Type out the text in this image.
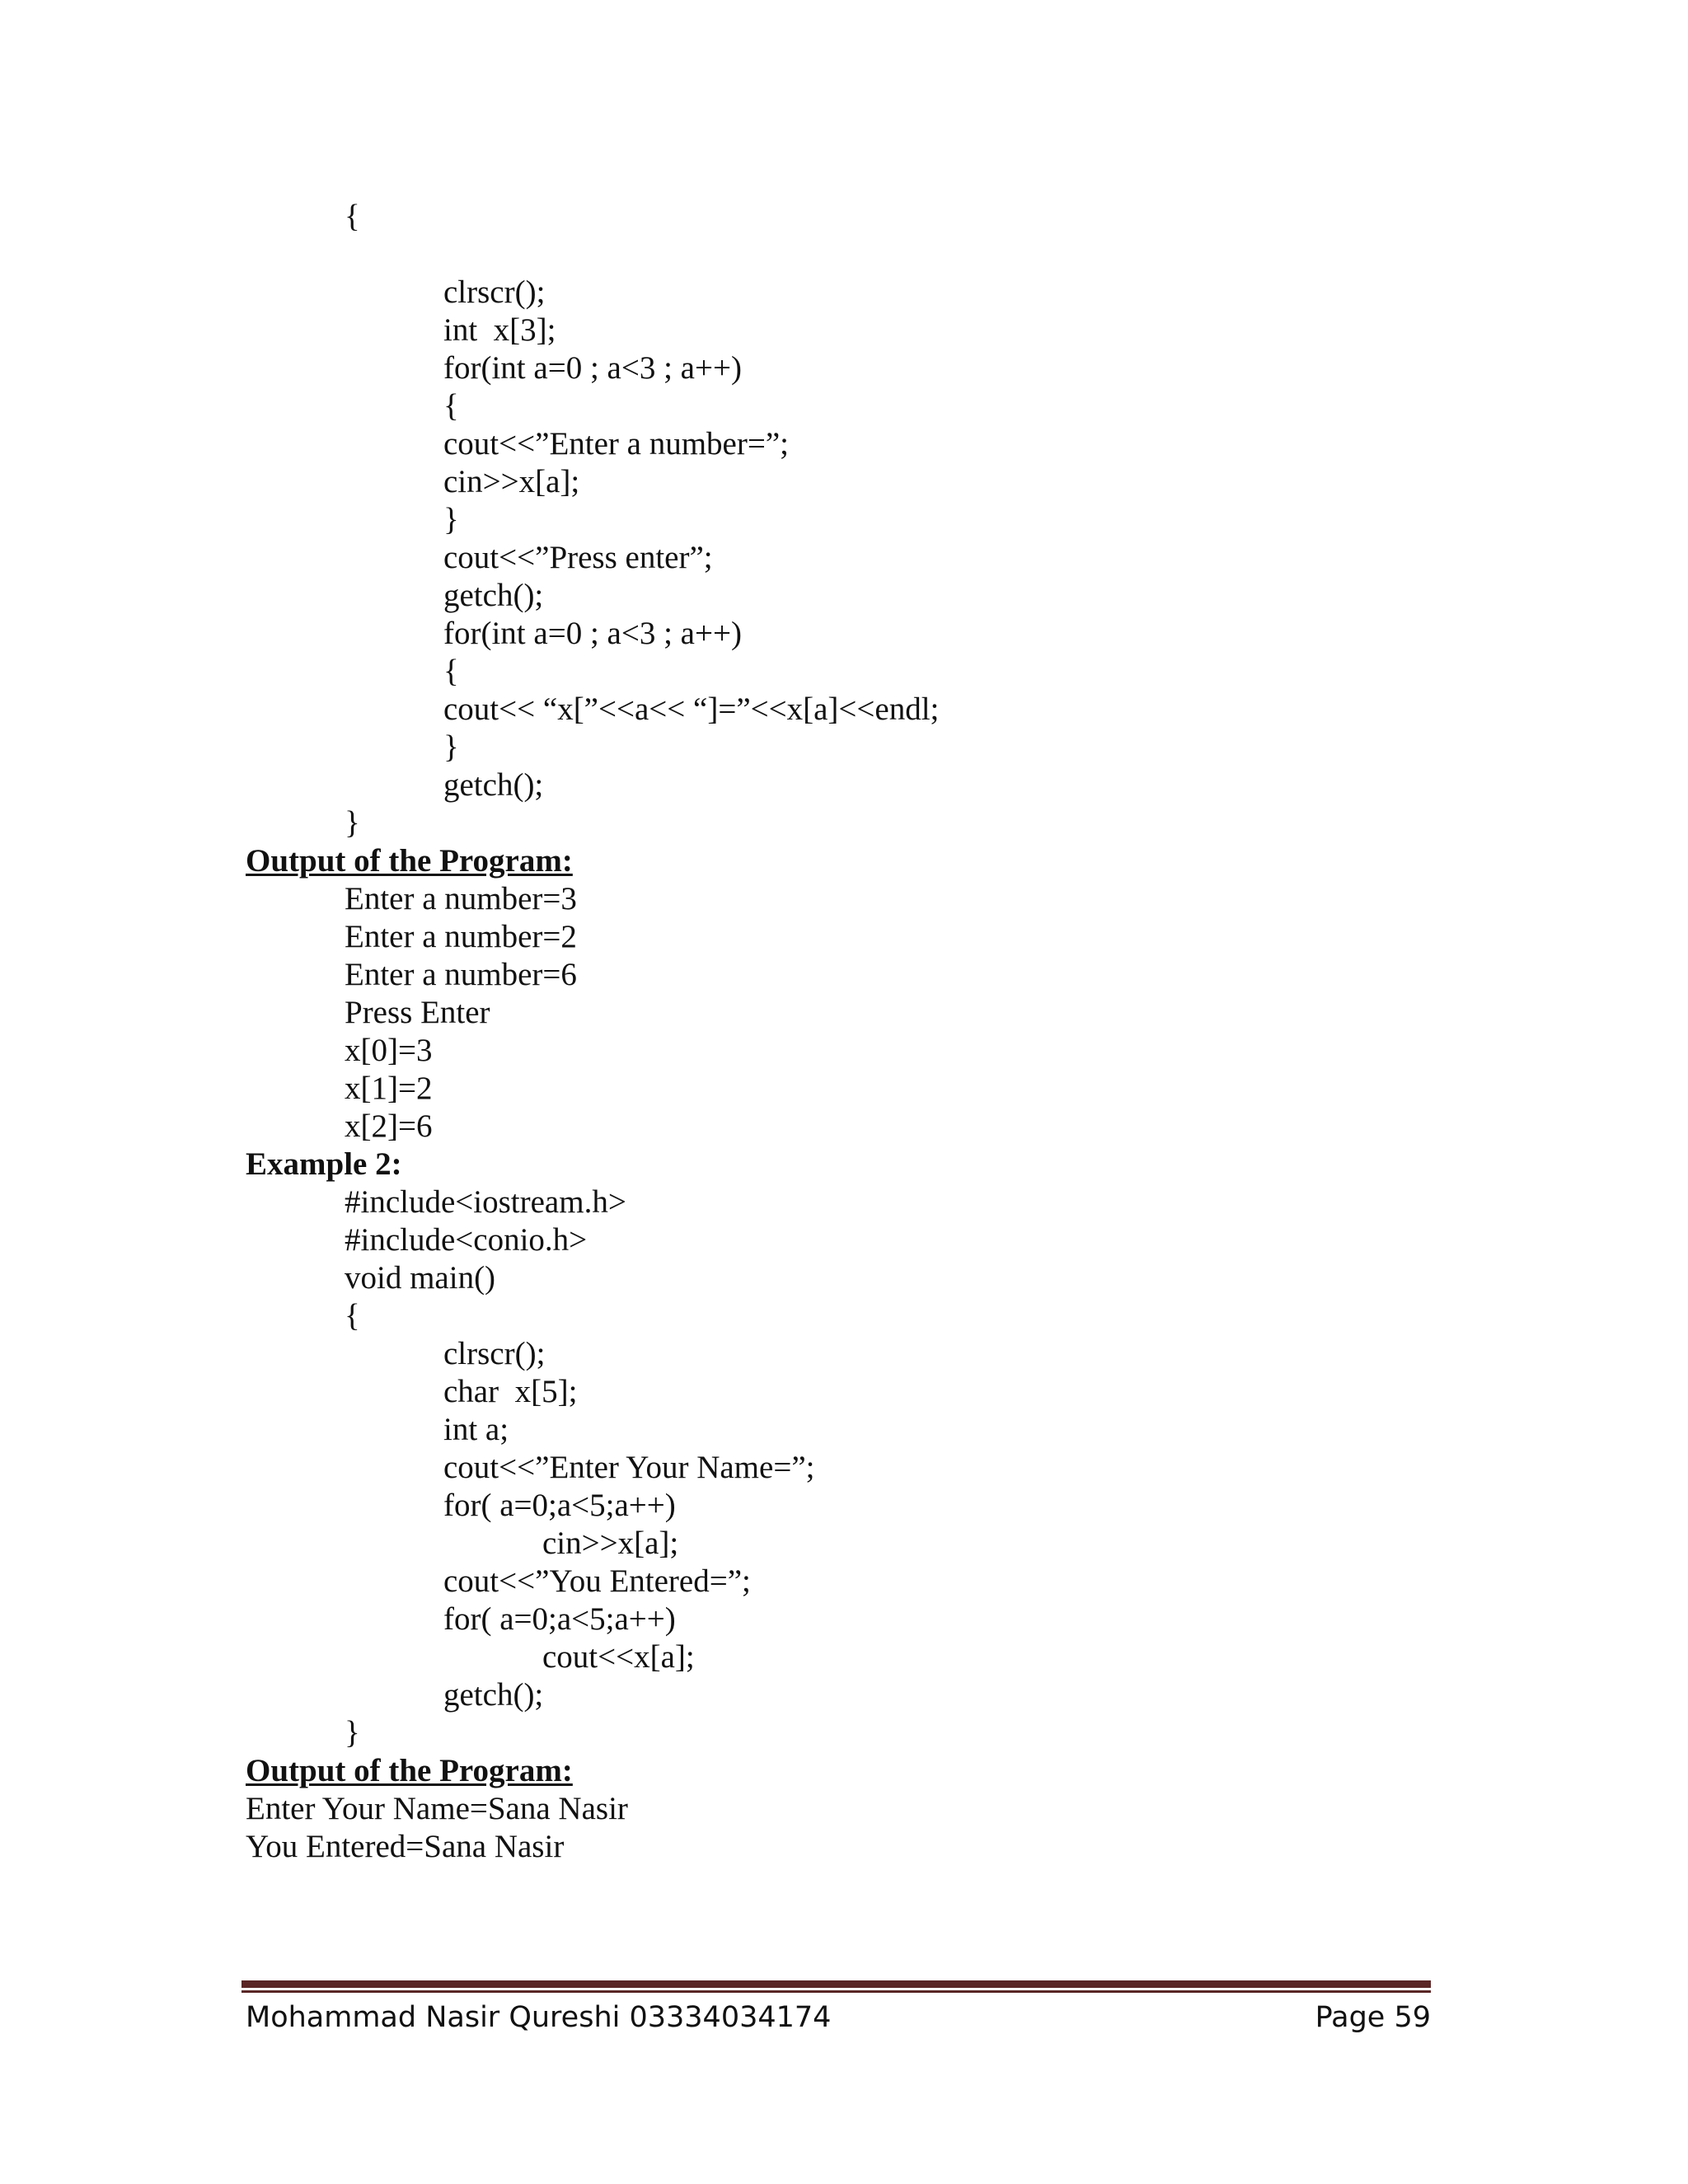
{
clrscr();
int  x[3];
for(int a=0 ; a<3 ; a++)
{
cout<<”Enter a number=”;
cin>>x[a];
}
cout<<”Press enter”;
getch();
for(int a=0 ; a<3 ; a++)
{
cout<< “x[”<<a<< “]=”<<x[a]<<endl;
}
getch();
}
Output of the Program:
Enter a number=3
Enter a number=2
Enter a number=6
Press Enter
x[0]=3
x[1]=2
x[2]=6
Example 2:
#include<iostream.h>
#include<conio.h>
void main()
{
clrscr();
char  x[5];
int a;
cout<<”Enter Your Name=”;
for( a=0;a<5;a++)
cin>>x[a];
cout<<”You Entered=”;
for( a=0;a<5;a++)
cout<<x[a];
getch();
}
Output of the Program:
Enter Your Name=Sana Nasir
You Entered=Sana Nasir
Mohammad Nasir Qureshi 03334034174	Page 59
